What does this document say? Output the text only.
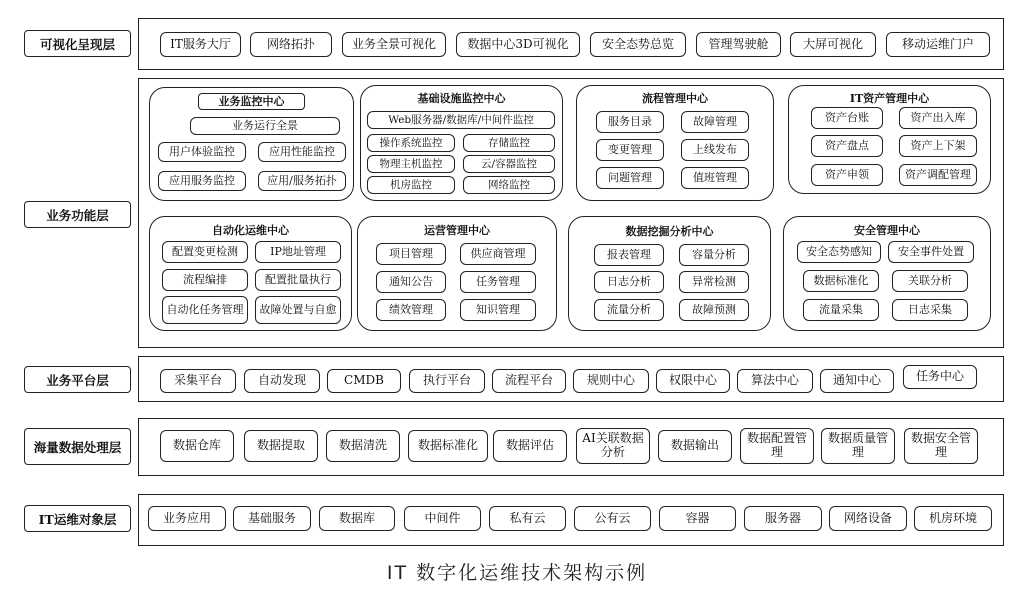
可视化呈现层
业务功能层
业务平台层
海量数据处理层
IT运维对象层
IT服务大厅	网络拓扑	业务全景可视化	数据中心3D可视化	安全态势总览	管理驾驶舱	大屏可视化	移动运维门户
业务监控中心
业务运行全景
用户体验监控	应用性能监控
应用服务监控	应用/服务拓扑
基础设施监控中心
Web服务器/数据库/中间件监控
操作系统监控	存储监控
物理主机监控	云/容器监控
机房监控	网络监控
流程管理中心
服务目录	故障管理
变更管理	上线发布
问题管理	值班管理
IT资产管理中心
资产台账	资产出入库
资产盘点	资产上下架
资产申领	资产调配管理
自动化运维中心
配置变更检测	IP地址管理
流程编排	配置批量执行
自动化任务管理	故障处置与自愈
运营管理中心
项目管理	供应商管理
通知公告	任务管理
绩效管理	知识管理
数据挖掘分析中心
报表管理	容量分析
日志分析	异常检测
流量分析	故障预测
安全管理中心
安全态势感知	安全事件处置
数据标准化	关联分析
流量采集	日志采集
采集平台	自动发现	CMDB	执行平台	流程平台	规则中心	权限中心	算法中心	通知中心	任务中心
数据仓库	数据提取	数据清洗	数据标准化	数据评估	AI关联数据分析	数据输出	数据配置管理
数据质量管理
数据安全管理
业务应用	基础服务	数据库	中间件	私有云	公有云	容器	服务器	网络设备	机房环境
IT 数字化运维技术架构示例
